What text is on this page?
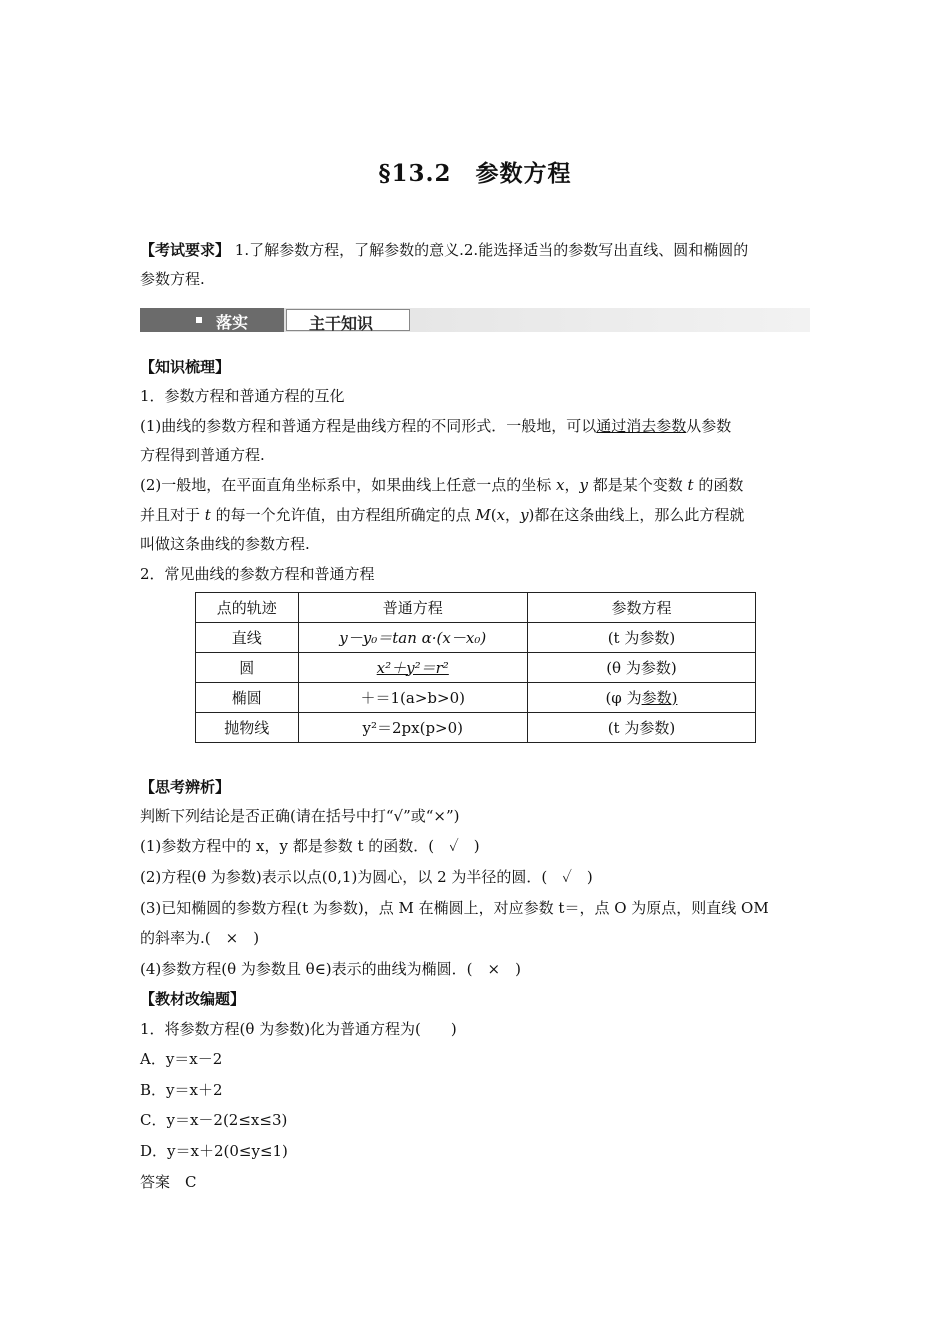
§13.2　参数方程
【考试要求】 1.了解参数方程，了解参数的意义.2.能选择适当的参数写出直线、圆和椭圆的
参数方程.
落实	主干知识
【知识梳理】
1．参数方程和普通方程的互化
(1)曲线的参数方程和普通方程是曲线方程的不同形式．一般地，可以通过消去参数从参数
方程得到普通方程.
(2)一般地，在平面直角坐标系中，如果曲线上任意一点的坐标 x，y 都是某个变数 t 的函数
并且对于 t 的每一个允许值，由方程组所确定的点 M(x，y)都在这条曲线上，那么此方程就
叫做这条曲线的参数方程.
2．常见曲线的参数方程和普通方程
点的轨迹	普通方程	参数方程
直线	y－y₀＝tan α·(x－x₀)	(t 为参数)
圆	x²＋y²＝r²	(θ 为参数)
椭圆	＋＝1(a>b>0)	(φ 为参数)
抛物线	y²＝2px(p>0)	(t 为参数)
【思考辨析】
判断下列结论是否正确(请在括号中打“√”或“×”)
(1)参数方程中的 x，y 都是参数 t 的函数．(　✓　)
(2)方程(θ 为参数)表示以点(0,1)为圆心，以 2 为半径的圆．(　✓　)
(3)已知椭圆的参数方程(t 为参数)，点 M 在椭圆上，对应参数 t＝，点 O 为原点，则直线 OM
的斜率为.(　×　)
(4)参数方程(θ 为参数且 θ∈)表示的曲线为椭圆．(　×　)
【教材改编题】
1．将参数方程(θ 为参数)化为普通方程为(　　)
A．y＝x－2
B．y＝x＋2
C．y＝x－2(2≤x≤3)
D．y＝x＋2(0≤y≤1)
答案　C
